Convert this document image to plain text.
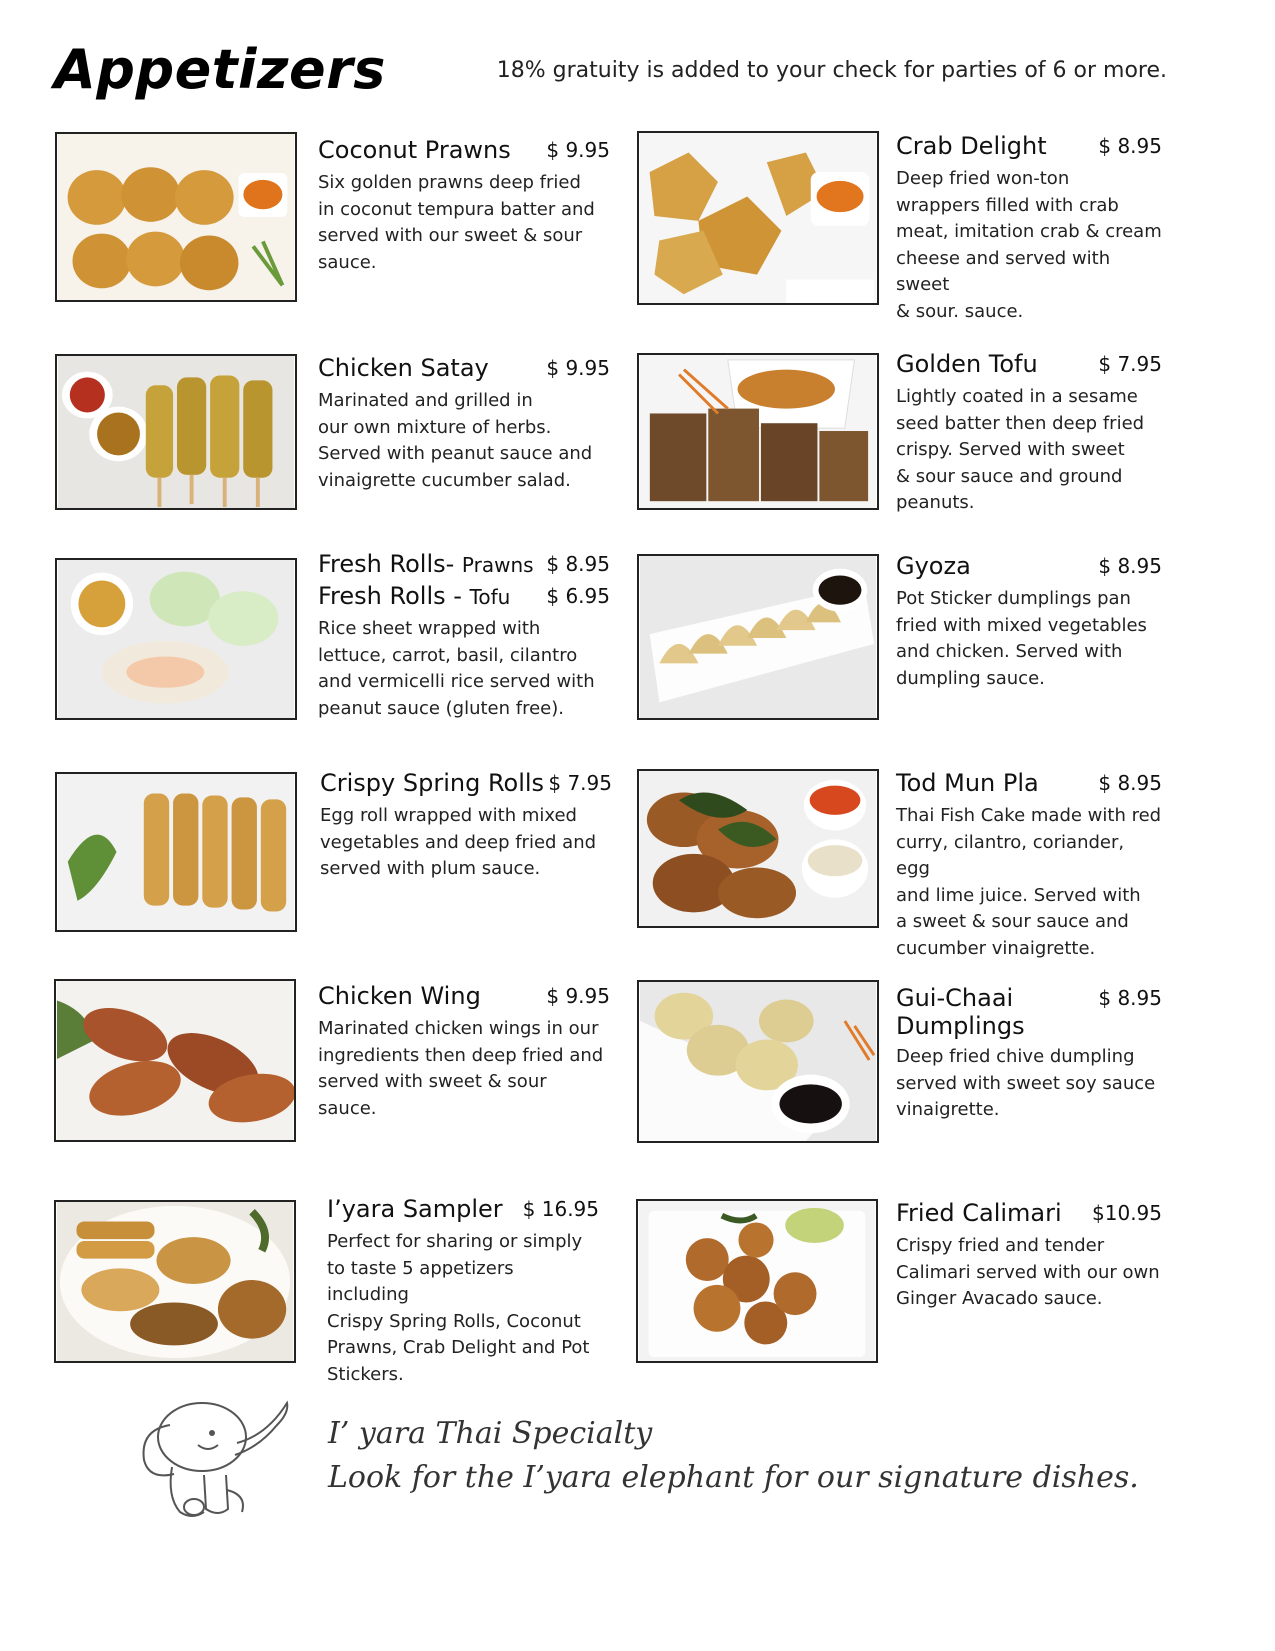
Appetizers	18% gratuity is added to your check for parties of 6 or more.
Coconut Prawns $ 9.95
Six golden prawns deep fried
in coconut tempura batter and
served with our sweet & sour
sauce.
Chicken Satay	$ 9.95
Marinated and grilled in
our own mixture of herbs.
Served with peanut sauce and
vinaigrette cucumber salad.
Fresh Rolls- Prawns $ 8.95
Fresh Rolls - Tofu $ 6.95
Rice sheet wrapped with
lettuce, carrot, basil, cilantro
and vermicelli rice served with
peanut sauce (gluten free).
Crispy Spring Rolls $ 7.95
Egg roll wrapped with mixed
vegetables and deep fried and
served with plum sauce.
Chicken Wing	$ 9.95
Marinated chicken wings in our
ingredients then deep fried and
served with sweet & sour sauce.
I’yara Sampler $ 16.95
Perfect for sharing or simply
to taste 5 appetizers including
Crispy Spring Rolls, Coconut
Prawns, Crab Delight and Pot
Stickers.
Crab Delight	$ 8.95
Deep fried won-ton
wrappers filled with crab
meat, imitation crab & cream
cheese and served with sweet
& sour. sauce.
Golden Tofu	$ 7.95
Lightly coated in a sesame
seed batter then deep fried
crispy. Served with sweet
& sour sauce and ground
peanuts.
Gyoza	$ 8.95
Pot Sticker dumplings pan
fried with mixed vegetables
and chicken. Served with
dumpling sauce.
Tod Mun Pla	$ 8.95
Thai Fish Cake made with red
curry, cilantro, coriander, egg
and lime juice. Served with
a sweet & sour sauce and
cucumber vinaigrette.
Gui-Chaai
Dumplings
$ 8.95
Deep fried chive dumpling
served with sweet soy sauce
vinaigrette.
Fried Calimari $10.95
Crispy fried and tender
Calimari served with our own
Ginger Avacado sauce.
I’ yara Thai Specialty
Look for the I’yara elephant for our signature dishes.
